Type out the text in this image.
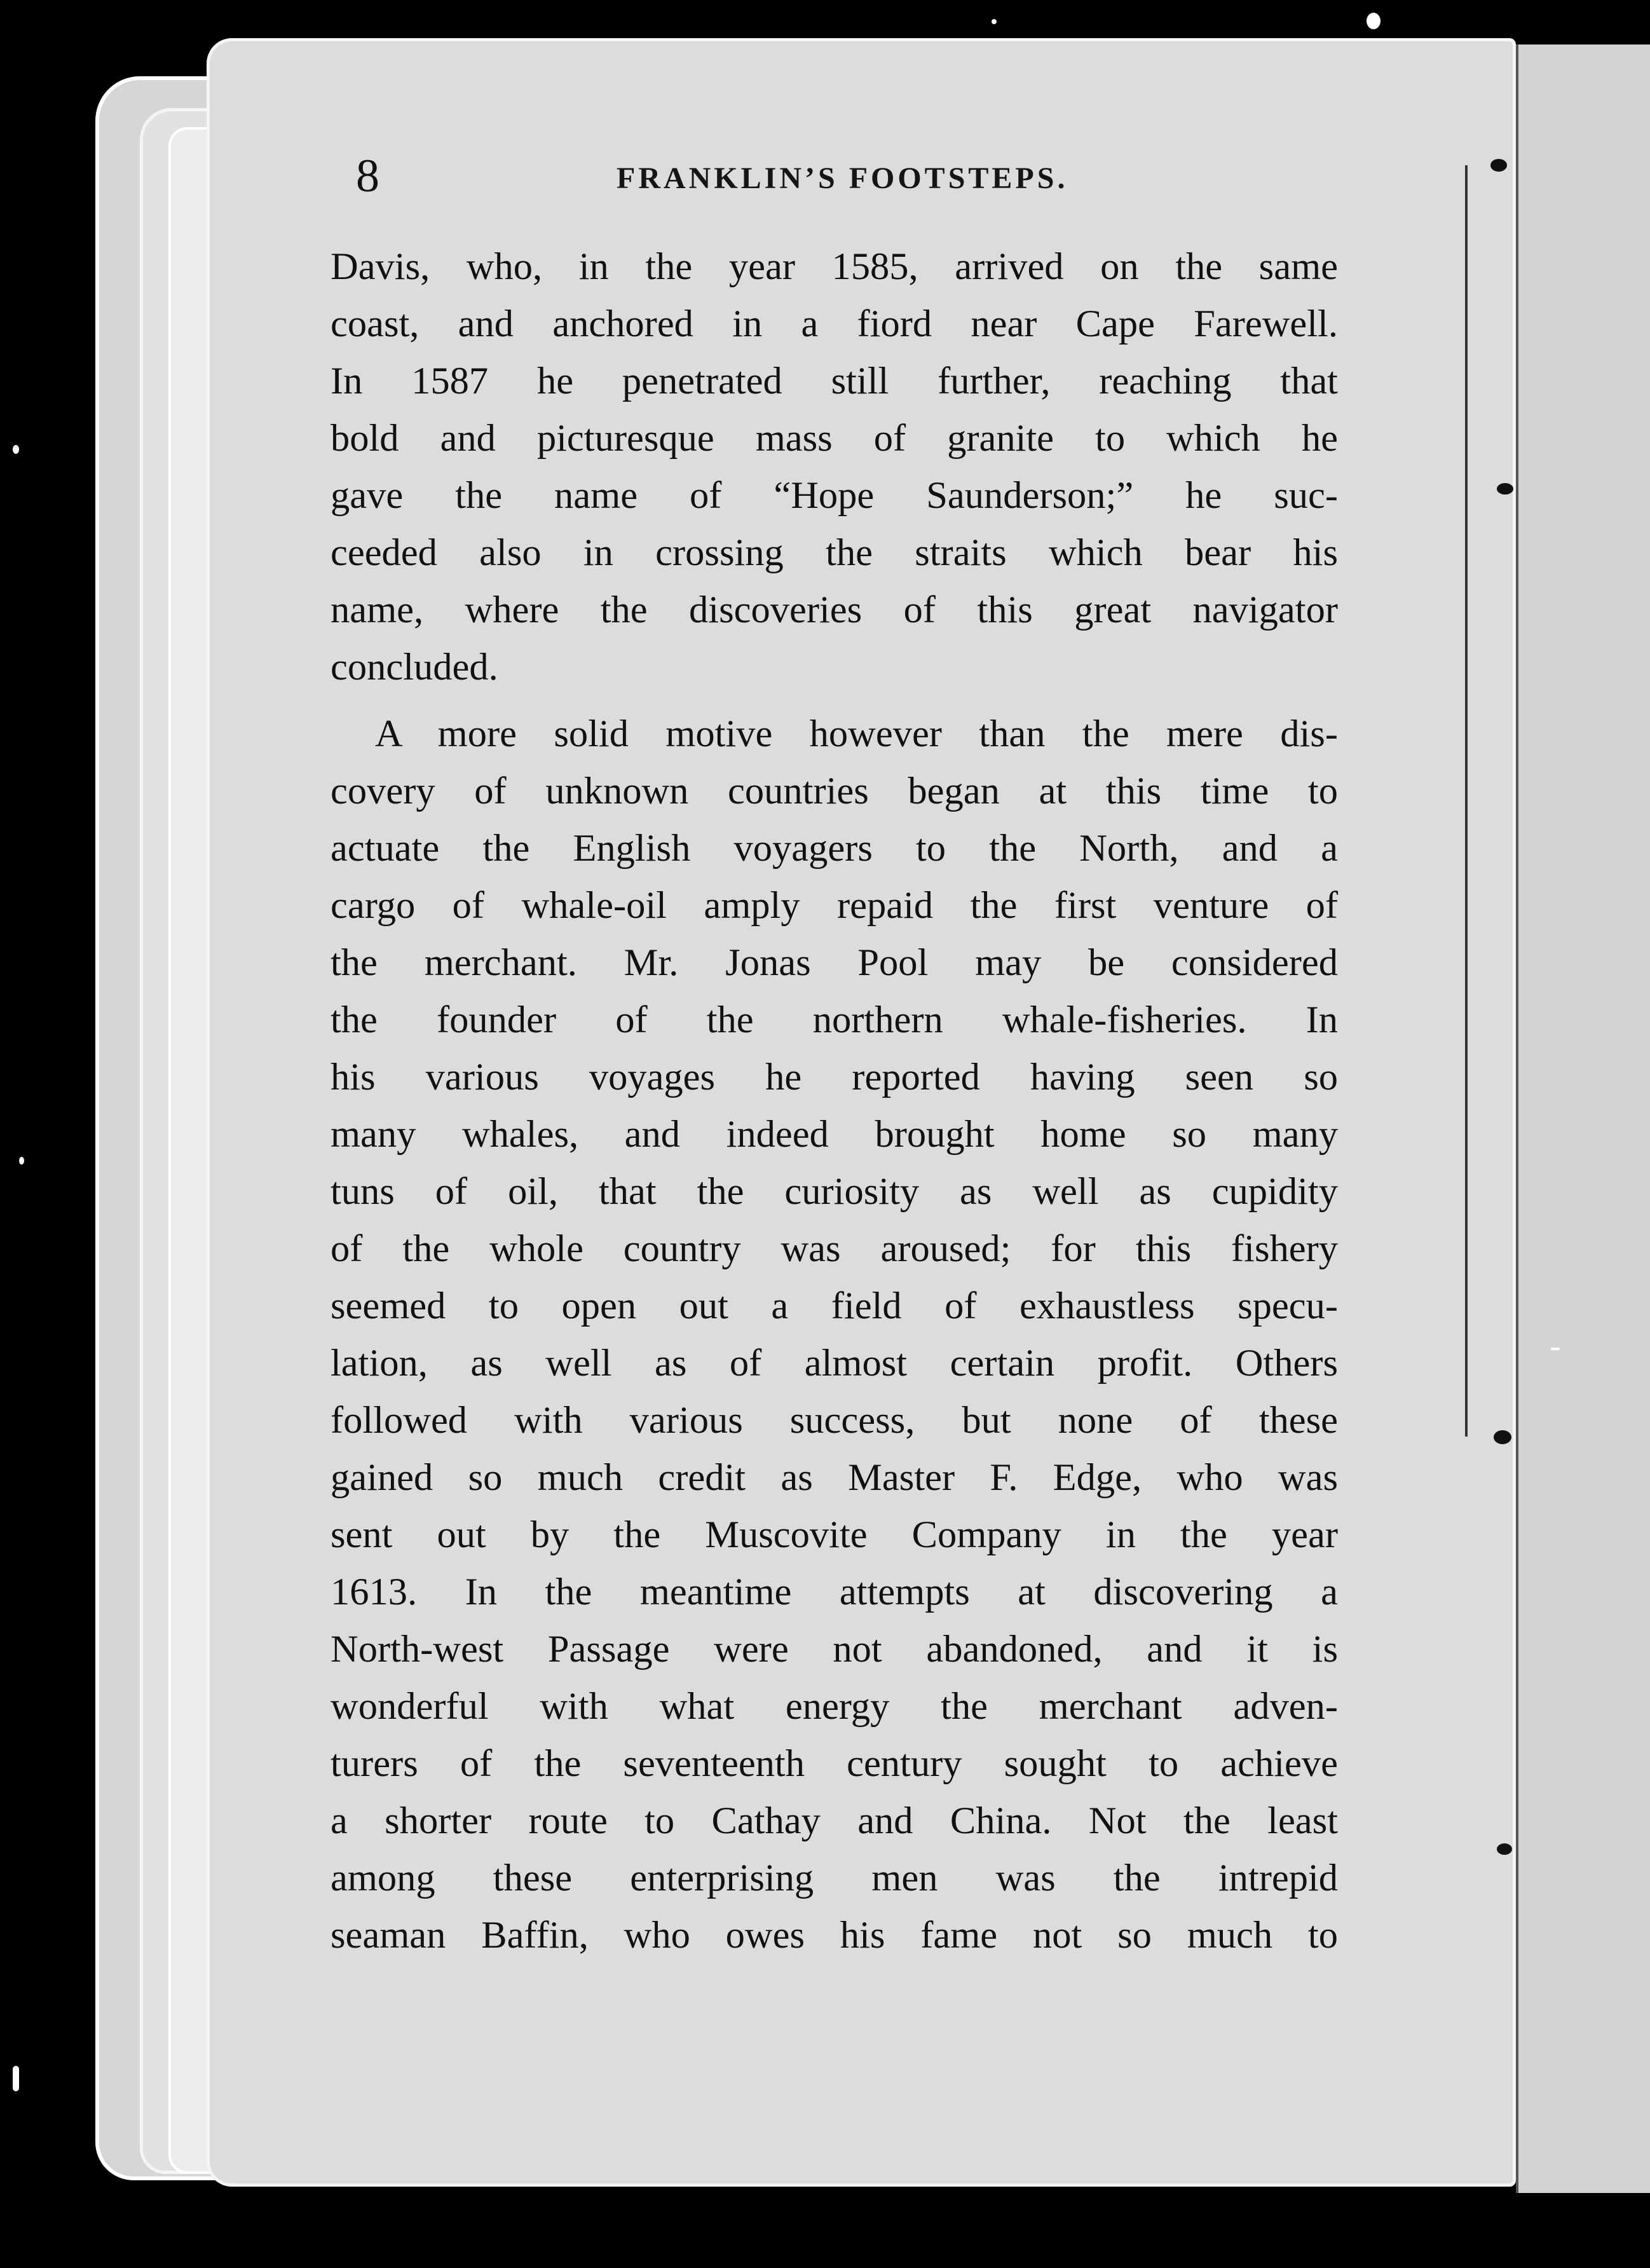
8	FRANKLIN’S FOOTSTEPS.
Davis, who, in the year 1585, arrived on the same
coast, and anchored in a fiord near Cape Farewell.
In 1587 he penetrated still further, reaching that
bold and picturesque mass of granite to which he
gave the name of “Hope Saunderson;” he suc-
ceeded also in crossing the straits which bear his
name, where the discoveries of this great navigator
concluded.
A more solid motive however than the mere dis-
covery of unknown countries began at this time to
actuate the English voyagers to the North, and a
cargo of whale-oil amply repaid the first venture of
the merchant. Mr. Jonas Pool may be considered
the founder of the northern whale-fisheries. In
his various voyages he reported having seen so
many whales, and indeed brought home so many
tuns of oil, that the curiosity as well as cupidity
of the whole country was aroused; for this fishery
seemed to open out a field of exhaustless specu-
lation, as well as of almost certain profit. Others
followed with various success, but none of these
gained so much credit as Master F. Edge, who was
sent out by the Muscovite Company in the year
1613. In the meantime attempts at discovering a
North-west Passage were not abandoned, and it is
wonderful with what energy the merchant adven-
turers of the seventeenth century sought to achieve
a shorter route to Cathay and China. Not the least
among these enterprising men was the intrepid
seaman Baffin, who owes his fame not so much to
